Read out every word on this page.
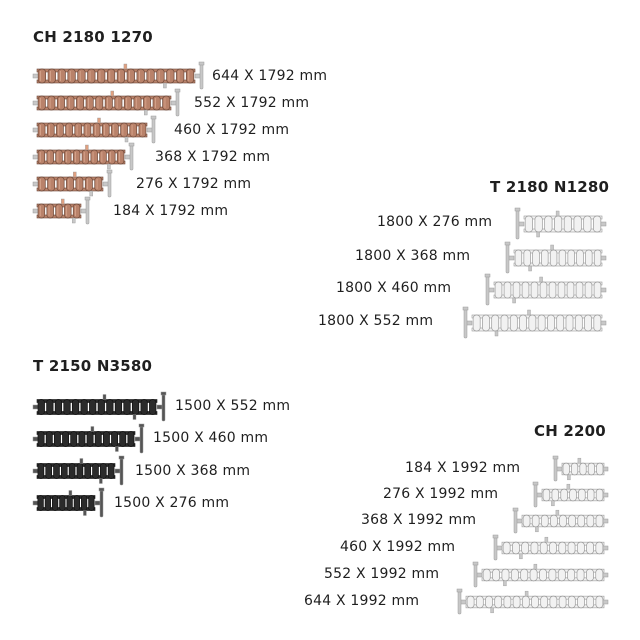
CH 2180 1270
644 X 1792 mm
552 X 1792 mm
460 X 1792 mm
368 X 1792 mm
276 X 1792 mm
184 X 1792 mm
T 2180 N1280
1800 X 276 mm
1800 X 368 mm
1800 X 460 mm
1800 X 552 mm
T 2150 N3580
1500 X 552 mm
1500 X 460 mm
1500 X 368 mm
1500 X 276 mm
CH 2200
184 X 1992 mm
276 X 1992 mm
368 X 1992 mm
460 X 1992 mm
552 X 1992 mm
644 X 1992 mm
